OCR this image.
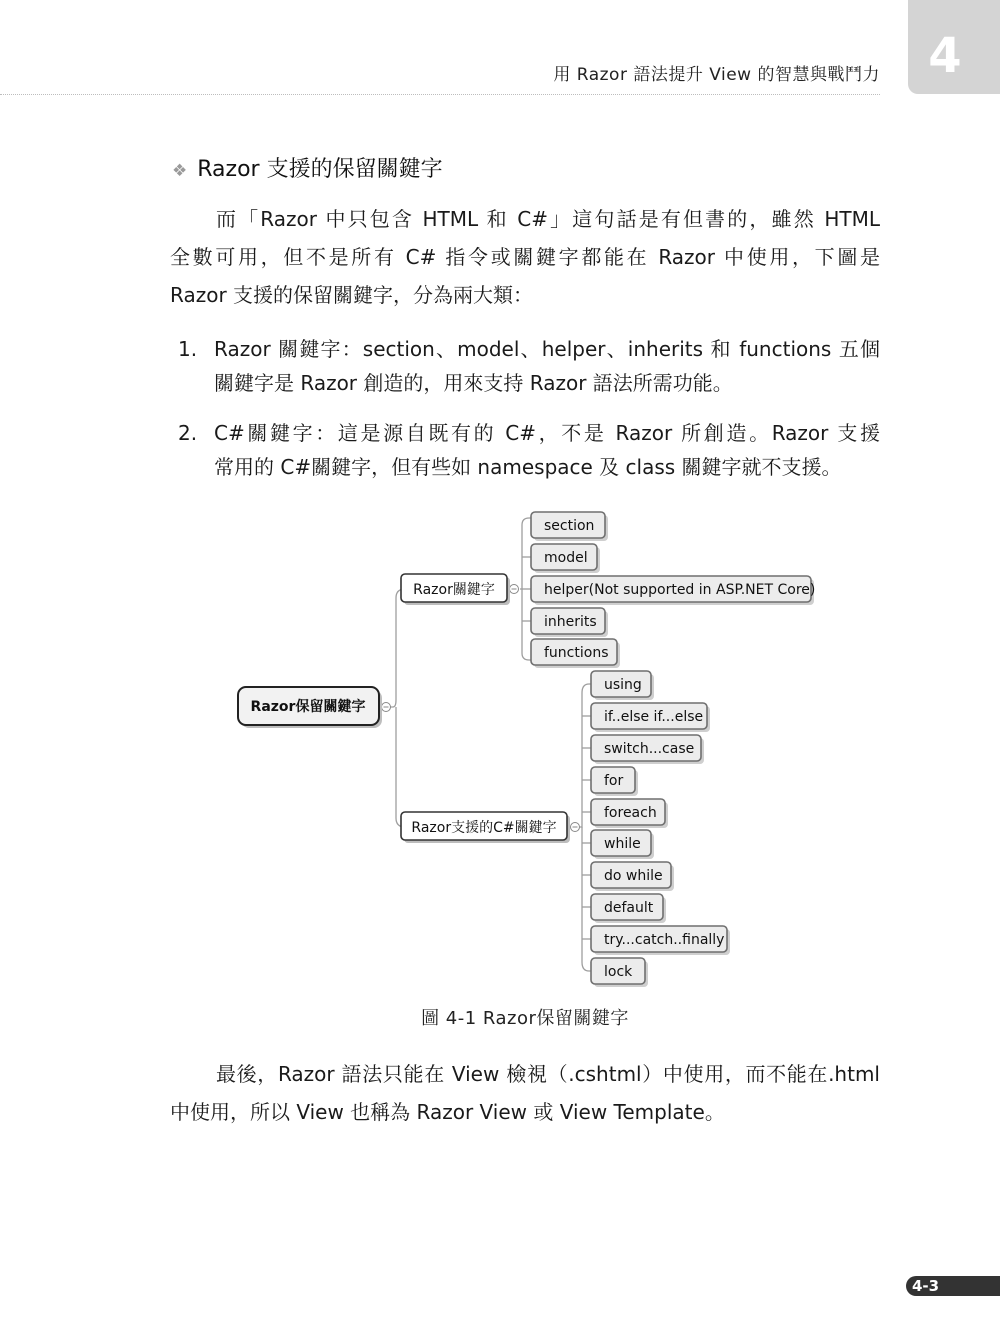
用 Razor 語法提升 View 的智慧與戰鬥力	4
❖ Razor 支援的保留關鍵字
而「Razor 中只包含 HTML 和 C#」這句話是有但書的，雖然 HTML
全數可用，但不是所有 C# 指令或關鍵字都能在 Razor 中使用，下圖是
Razor 支援的保留關鍵字，分為兩大類：
1. Razor 關鍵字：section、model、helper、inherits 和 functions 五個
關鍵字是 Razor 創造的，用來支持 Razor 語法所需功能。
2. C#關鍵字：這是源自既有的 C#，不是 Razor 所創造。Razor 支援
常用的 C#關鍵字，但有些如 namespace 及 class 關鍵字就不支援。
Razor保留關鍵字
Razor關鍵字
Razor支援的C#關鍵字
section
model
helper(Not supported in ASP.NET Core)
inherits
functions
using
if..else if...else
switch...case
for
foreach
while
do while
default
try...catch..finally
lock
圖 4-1 Razor保留關鍵字
最後，Razor 語法只能在 View 檢視（.cshtml）中使用，而不能在.html
中使用，所以 View 也稱為 Razor View 或 View Template。
4-3
